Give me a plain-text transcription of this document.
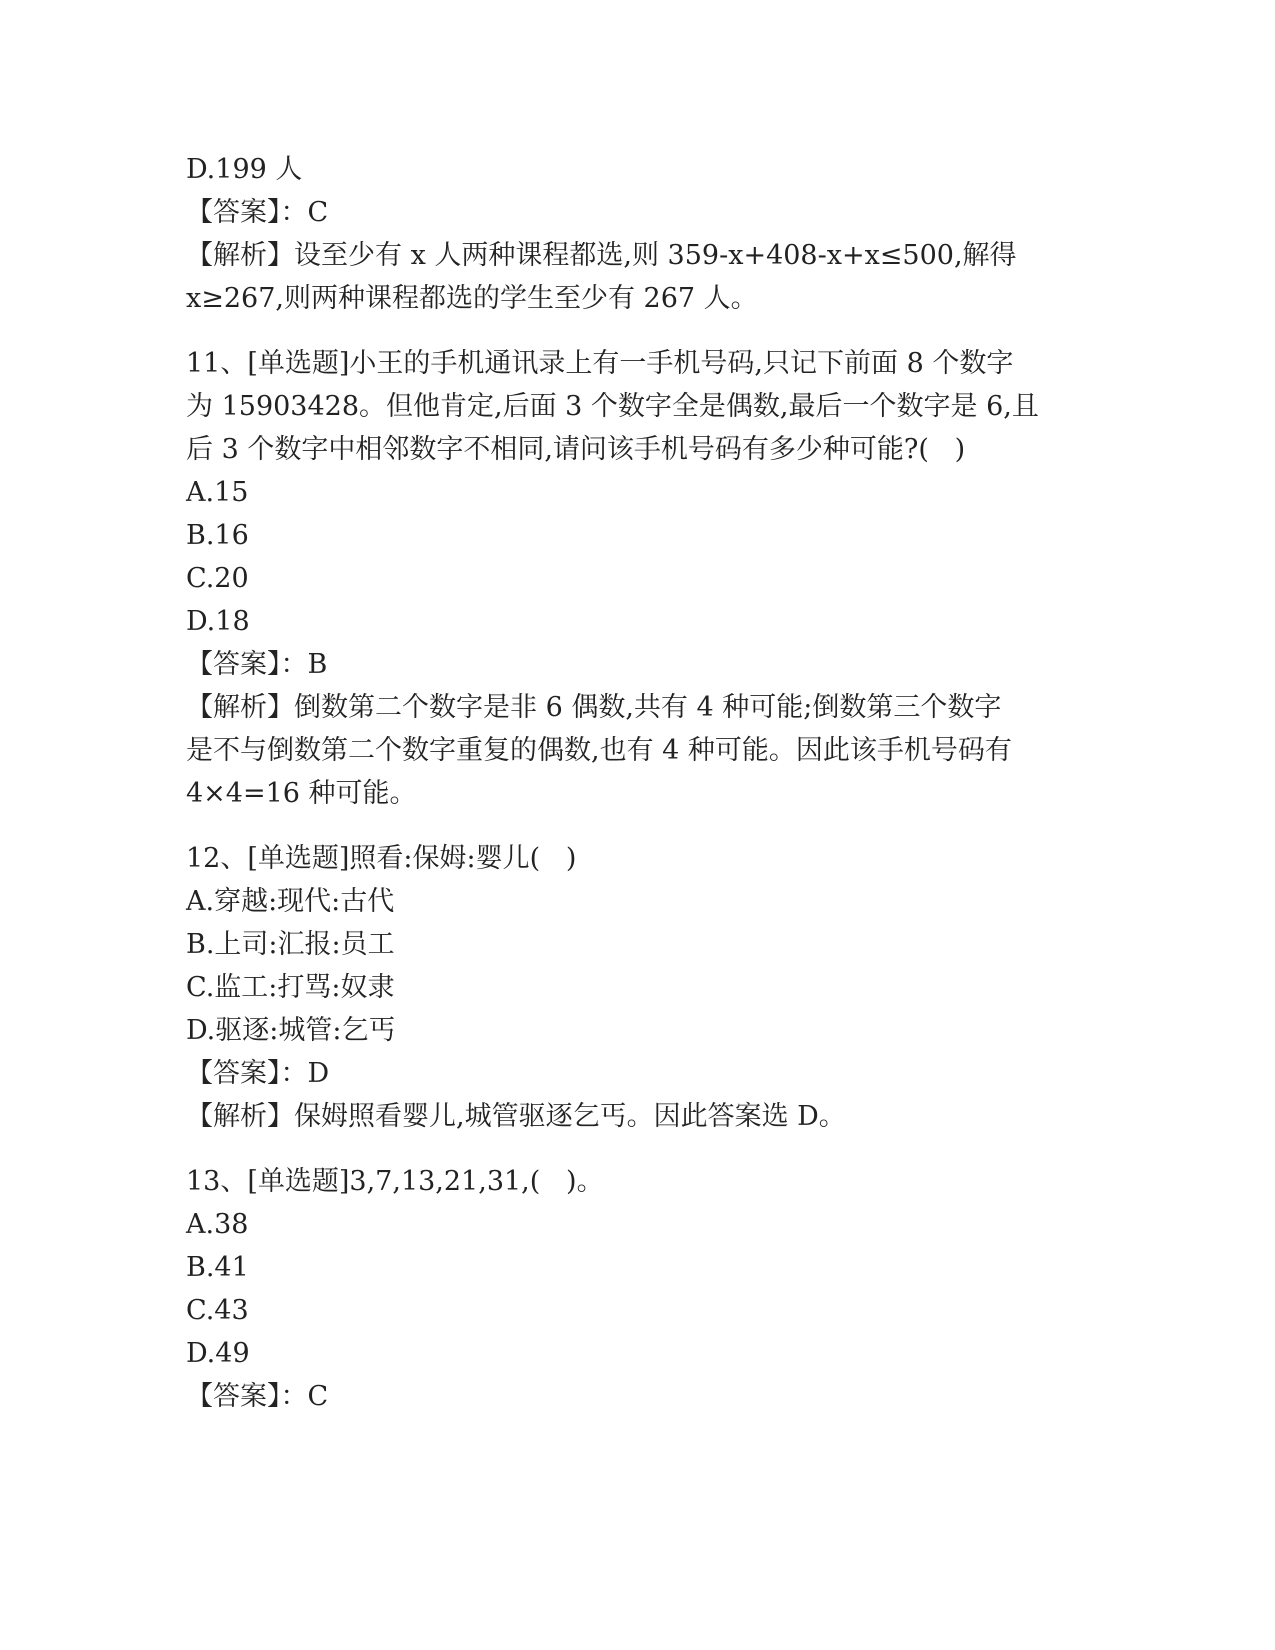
D.199 人
【答案】：C
【解析】设至少有 x 人两种课程都选,则 359-x+408-x+x≤500,解得
x≥267,则两种课程都选的学生至少有 267 人。
11、[单选题]小王的手机通讯录上有一手机号码,只记下前面 8 个数字
为 15903428。但他肯定,后面 3 个数字全是偶数,最后一个数字是 6,且
后 3 个数字中相邻数字不相同,请问该手机号码有多少种可能?(   )
A.15
B.16
C.20
D.18
【答案】：B
【解析】倒数第二个数字是非 6 偶数,共有 4 种可能;倒数第三个数字
是不与倒数第二个数字重复的偶数,也有 4 种可能。因此该手机号码有
4×4=16 种可能。
12、[单选题]照看:保姆:婴儿(   )
A.穿越:现代:古代
B.上司:汇报:员工
C.监工:打骂:奴隶
D.驱逐:城管:乞丐
【答案】：D
【解析】保姆照看婴儿,城管驱逐乞丐。因此答案选 D。
13、[单选题]3,7,13,21,31,(   )。
A.38
B.41
C.43
D.49
【答案】：C
